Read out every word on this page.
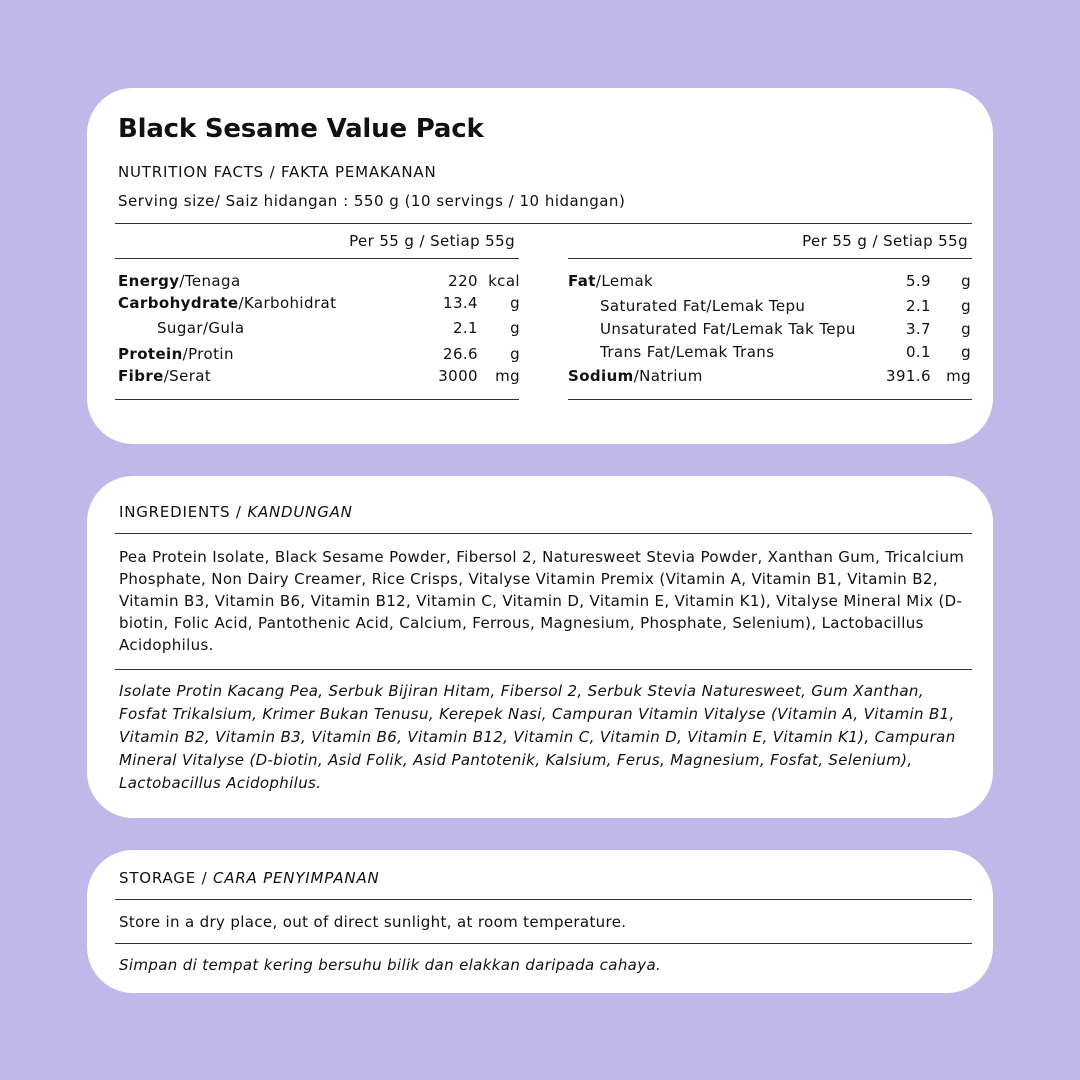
Black Sesame Value Pack
NUTRITION FACTS / FAKTA PEMAKANAN
Serving size/ Saiz hidangan : 550 g (10 servings / 10 hidangan)
Per 55 g / Setiap 55g	Per 55 g / Setiap 55g
Energy/Tenaga	220 kcal
Carbohydrate/Karbohidrat	13.4	g
Sugar/Gula	2.1	g
Protein/Protin	26.6	g
Fibre/Serat	3000	mg
Fat/Lemak	5.9	g
Saturated Fat/Lemak Tepu	2.1	g
Unsaturated Fat/Lemak Tak Tepu	3.7	g
Trans Fat/Lemak Trans	0.1	g
Sodium/Natrium	391.6	mg
INGREDIENTS / KANDUNGAN
Pea Protein Isolate, Black Sesame Powder, Fibersol 2, Naturesweet Stevia Powder, Xanthan Gum, Tricalcium Phosphate, Non Dairy Creamer, Rice Crisps, Vitalyse Vitamin Premix (Vitamin A, Vitamin B1, Vitamin B2, Vitamin B3, Vitamin B6, Vitamin B12, Vitamin C, Vitamin D, Vitamin E, Vitamin K1), Vitalyse Mineral Mix (D-biotin, Folic Acid, Pantothenic Acid, Calcium, Ferrous, Magnesium, Phosphate, Selenium), Lactobacillus Acidophilus.
Isolate Protin Kacang Pea, Serbuk Bijiran Hitam, Fibersol 2, Serbuk Stevia Naturesweet, Gum Xanthan, Fosfat Trikalsium, Krimer Bukan Tenusu, Kerepek Nasi, Campuran Vitamin Vitalyse (Vitamin A, Vitamin B1, Vitamin B2, Vitamin B3, Vitamin B6, Vitamin B12, Vitamin C, Vitamin D, Vitamin E, Vitamin K1), Campuran Mineral Vitalyse (D-biotin, Asid Folik, Asid Pantotenik, Kalsium, Ferus, Magnesium, Fosfat, Selenium), Lactobacillus Acidophilus.
STORAGE / CARA PENYIMPANAN
Store in a dry place, out of direct sunlight, at room temperature.
Simpan di tempat kering bersuhu bilik dan elakkan daripada cahaya.
